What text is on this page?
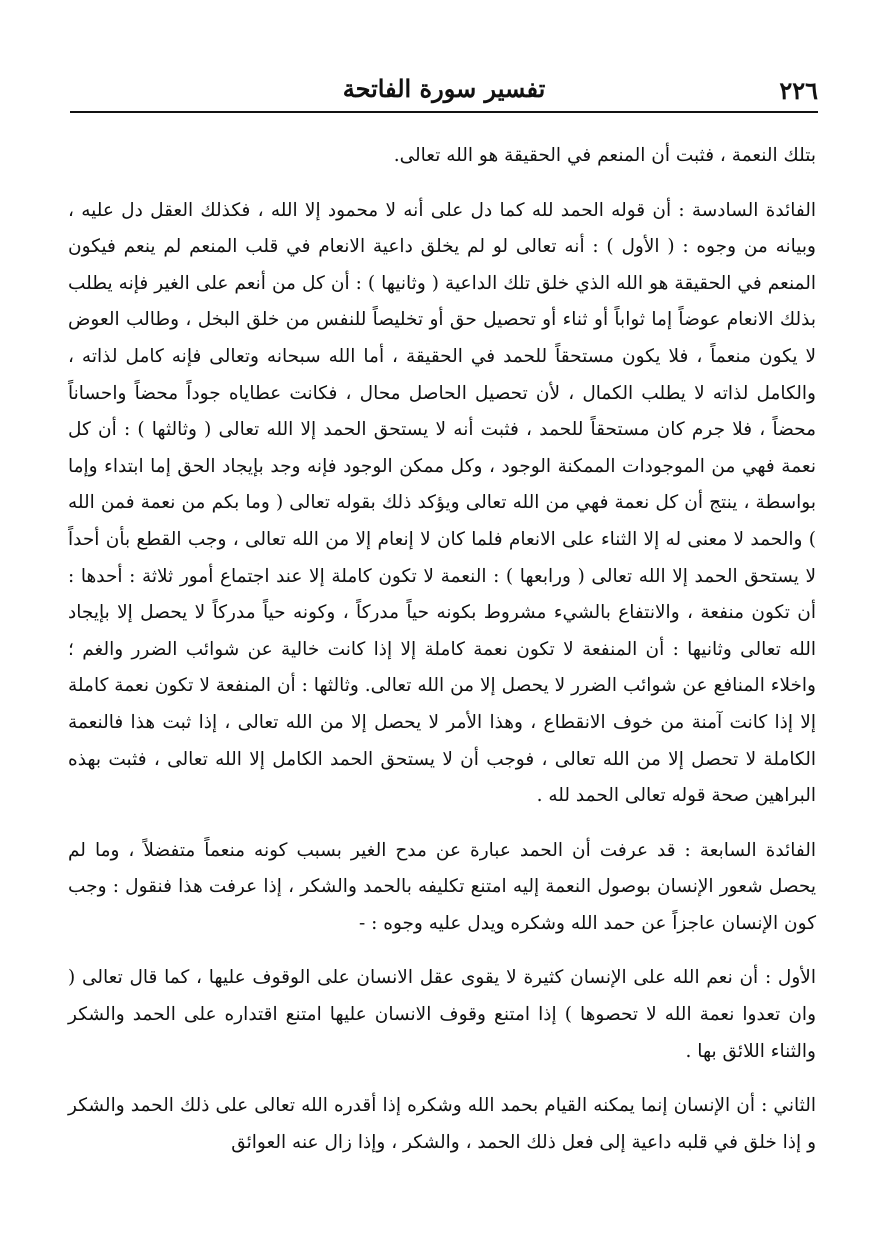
٢٢٦
تفسير سورة الفاتحة

بتلك النعمة ، فثبت أن المنعم في الحقيقة هو الله تعالى.

الفائدة السادسة : أن قوله الحمد لله كما دل على أنه لا محمود إلا الله ، فكذلك العقل دل عليه ، وبيانه من وجوه : ( الأول ) : أنه تعالى لو لم يخلق داعية الانعام في قلب المنعم لم ينعم فيكون المنعم في الحقيقة هو الله الذي خلق تلك الداعية ( وثانيها ) : أن كل من أنعم على الغير فإنه يطلب بذلك الانعام عوضاً إما ثواباً أو ثناء أو تحصيل حق أو تخليصاً للنفس من خلق البخل ، وطالب العوض لا يكون منعماً ، فلا يكون مستحقاً للحمد في الحقيقة ، أما الله سبحانه وتعالى فإنه كامل لذاته ، والكامل لذاته لا يطلب الكمال ، لأن تحصيل الحاصل محال ، فكانت عطاياه جوداً محضاً واحساناً محضاً ، فلا جرم كان مستحقاً للحمد ، فثبت أنه لا يستحق الحمد إلا الله تعالى ( وثالثها ) : أن كل نعمة فهي من الموجودات الممكنة الوجود ، وكل ممكن الوجود فإنه وجد بإيجاد الحق إما ابتداء وإما بواسطة ، ينتج أن كل نعمة فهي من الله تعالى ويؤكد ذلك بقوله تعالى ( وما بكم من نعمة فمن الله ) والحمد لا معنى له إلا الثناء على الانعام فلما كان لا إنعام إلا من الله تعالى ، وجب القطع بأن أحداً لا يستحق الحمد إلا الله تعالى ( ورابعها ) : النعمة لا تكون كاملة إلا عند اجتماع أمور ثلاثة : أحدها : أن تكون منفعة ، والانتفاع بالشيء مشروط بكونه حياً مدركاً ، وكونه حياً مدركاً لا يحصل إلا بإيجاد الله تعالى وثانيها : أن المنفعة لا تكون نعمة كاملة إلا إذا كانت خالية عن شوائب الضرر والغم ؛ واخلاء المنافع عن شوائب الضرر لا يحصل إلا من الله تعالى. وثالثها : أن المنفعة لا تكون نعمة كاملة إلا إذا كانت آمنة من خوف الانقطاع ، وهذا الأمر لا يحصل إلا من الله تعالى ، إذا ثبت هذا فالنعمة الكاملة لا تحصل إلا من الله تعالى ، فوجب أن لا يستحق الحمد الكامل إلا الله تعالى ، فثبت بهذه البراهين صحة قوله تعالى الحمد لله .

الفائدة السابعة : قد عرفت أن الحمد عبارة عن مدح الغير بسبب كونه منعماً متفضلاً ، وما لم يحصل شعور الإنسان بوصول النعمة إليه امتنع تكليفه بالحمد والشكر ، إذا عرفت هذا فنقول : وجب كون الإنسان عاجزاً عن حمد الله وشكره ويدل عليه وجوه : -

الأول : أن نعم الله على الإنسان كثيرة لا يقوى عقل الانسان على الوقوف عليها ، كما قال تعالى ( وان تعدوا نعمة الله لا تحصوها ) إذا امتنع وقوف الانسان عليها امتنع اقتداره على الحمد والشكر والثناء اللائق بها .

الثاني : أن الإنسان إنما يمكنه القيام بحمد الله وشكره إذا أقدره الله تعالى على ذلك الحمد والشكر و إذا خلق في قلبه داعية إلى فعل ذلك الحمد ، والشكر ، وإذا زال عنه العوائق
